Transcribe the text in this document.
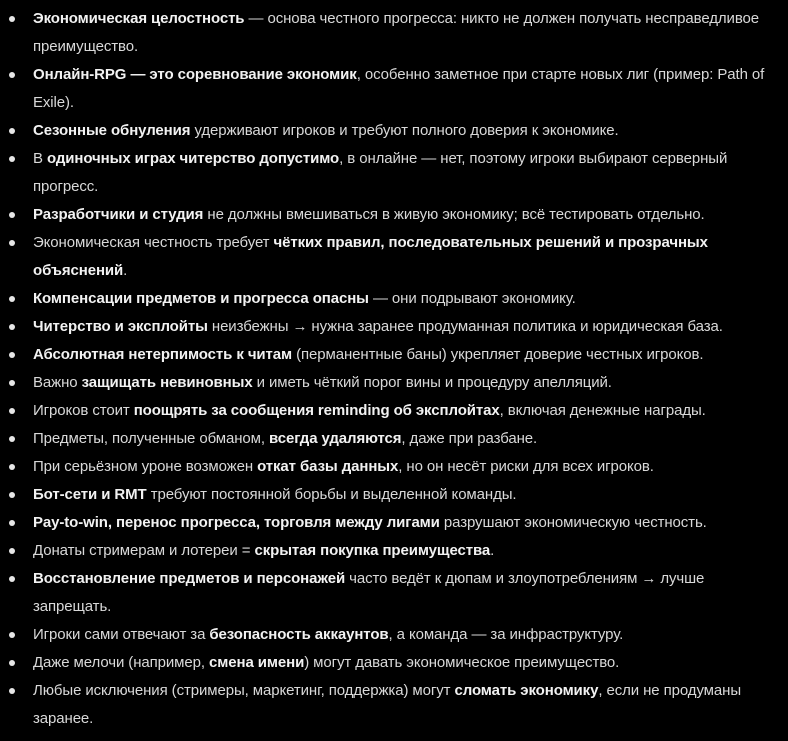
Экономическая целостность — основа честного прогресса: никто не должен получать несправедливое преимущество.
Онлайн-RPG — это соревнование экономик, особенно заметное при старте новых лиг (пример: Path of Exile).
Сезонные обнуления удерживают игроков и требуют полного доверия к экономике.
В одиночных играх читерство допустимо, в онлайне — нет, поэтому игроки выбирают серверный прогресс.
Разработчики и студия не должны вмешиваться в живую экономику; всё тестировать отдельно.
Экономическая честность требует чётких правил, последовательных решений и прозрачных объяснений.
Компенсации предметов и прогресса опасны — они подрывают экономику.
Читерство и эксплойты неизбежны → нужна заранее продуманная политика и юридическая база.
Абсолютная нетерпимость к читам (перманентные баны) укрепляет доверие честных игроков.
Важно защищать невиновных и иметь чёткий порог вины и процедуру апелляций.
Игроков стоит поощрять за сообщения reminding об эксплойтах, включая денежные награды.
Предметы, полученные обманом, всегда удаляются, даже при разбане.
При серьёзном уроне возможен откат базы данных, но он несёт риски для всех игроков.
Бот-сети и RMT требуют постоянной борьбы и выделенной команды.
Pay-to-win, перенос прогресса, торговля между лигами разрушают экономическую честность.
Донаты стримерам и лотереи = скрытая покупка преимущества.
Восстановление предметов и персонажей часто ведёт к дюпам и злоупотреблениям → лучше запрещать.
Игроки сами отвечают за безопасность аккаунтов, а команда — за инфраструктуру.
Даже мелочи (например, смена имени) могут давать экономическое преимущество.
Любые исключения (стримеры, маркетинг, поддержка) могут сломать экономику, если не продуманы заранее.
